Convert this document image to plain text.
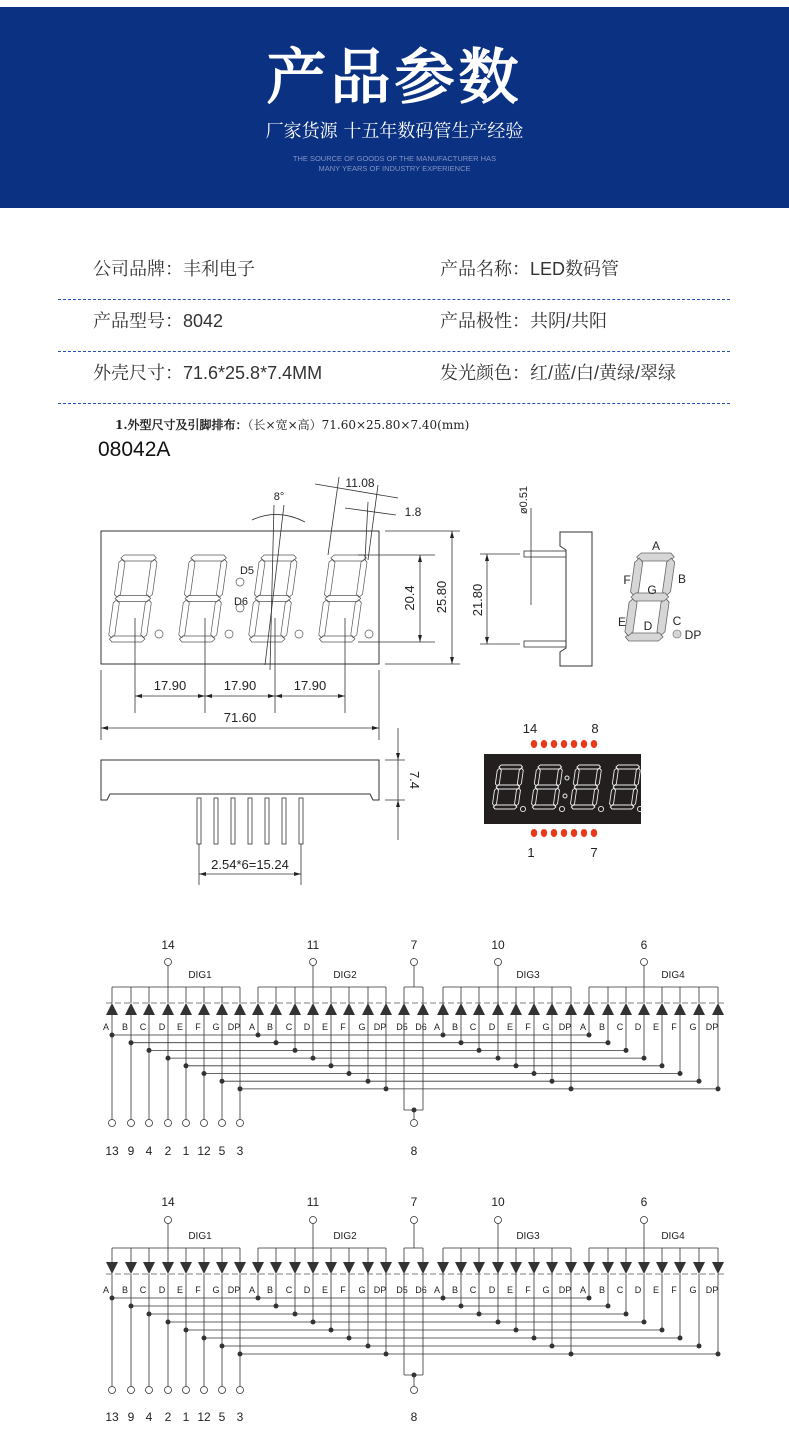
产品参数
厂家货源 十五年数码管生产经验
THE SOURCE OF GOODS OF THE MANUFACTURER HAS
MANY YEARS OF INDUSTRY EXPERIENCE
公司品牌：丰利电子	产品名称：LED数码管
产品型号：8042	产品极性：共阴/共阳
外壳尺寸：71.6*25.8*7.4MM	发光颜色：红/蓝/白/黄绿/翠绿
1.外型尺寸及引脚排布：（长×宽×高）71.60×25.80×7.40(mm)
08042A
D5
D6
17.90	17.90	17.90
71.60
25.80
20.4
8°
11.08
1.8	ø0.51
21.80
A
B
C
D
E
F
G
DP
2.54*6=15.24
7.4
14	8
1	7
14	11	7	10	6
DIG1	DIG2	DIG3	DIG4
A B C D E F G DP A B C D E F G DP	A B C D E F G DP A B C D E F G DP
13 9 4 2 1 12 5 3
D5 D6
8
14	11	7	10	6
DIG1	DIG2	DIG3	DIG4
A B C D E F G DP A B C D E F G DP	A B C D E F G DP A B C D E F G DP
13 9 4 2 1 12 5 3
D5 D6
8
